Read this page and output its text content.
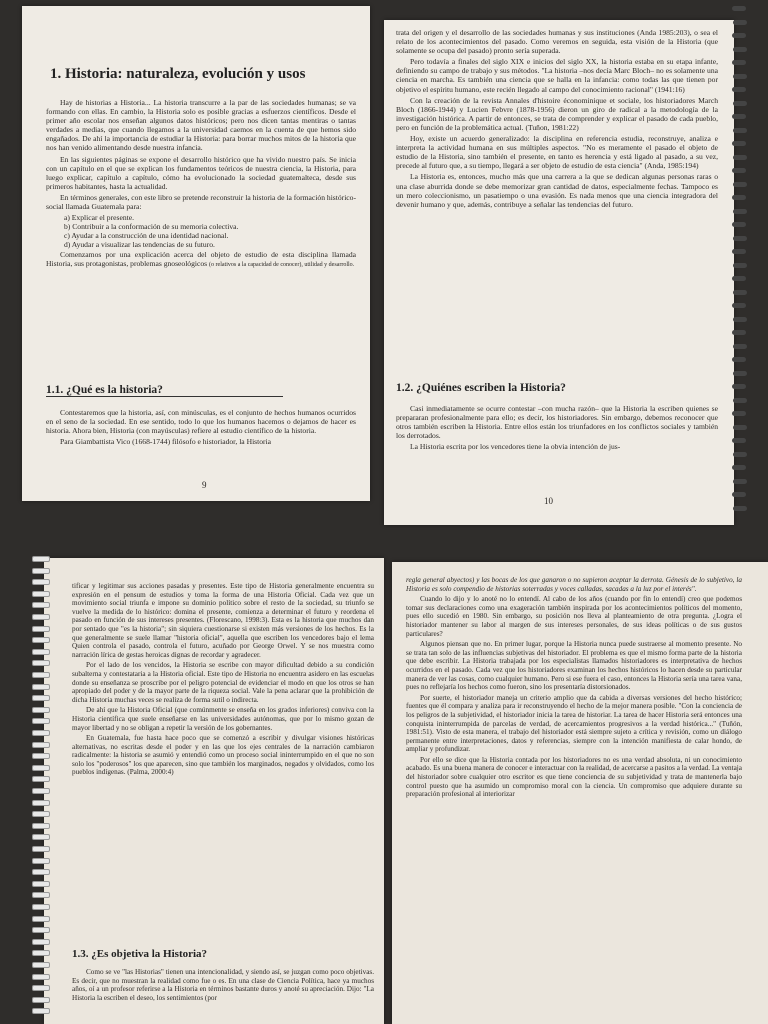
1. Historia: naturaleza, evolución y usos

Hay de historias a Historia... La historia transcurre a la par de las sociedades humanas; se va formando con ellas. En cambio, la Historia solo es posible gracias a esfuerzos científicos. Desde el primer año escolar nos enseñan algunos datos históricos; pero nos dicen tantas mentiras o tantas verdades a medias, que cuando llegamos a la universidad caemos en la cuenta de que hemos sido engañados. De ahí la importancia de estudiar la Historia: para borrar muchos mitos de la historia que nos han venido alimentando desde nuestra infancia.

En las siguientes páginas se expone el desarrollo histórico que ha vivido nuestro país. Se inicia con un capítulo en el que se explican los fundamentos teóricos de nuestra ciencia, la Historia, para luego explicar, capítulo a capítulo, cómo ha evolucionado la sociedad guatemalteca, desde sus primeros habitantes, hasta la actualidad.

En términos generales, con este libro se pretende reconstruir la historia de la formación histórico-social llamada Guatemala para:

a) Explicar el presente.
b) Contribuir a la conformación de su memoria colectiva.
c) Ayudar a la construcción de una identidad nacional.
d) Ayudar a visualizar las tendencias de su futuro.

Comenzamos por una explicación acerca del objeto de estudio de esta disciplina llamada Historia, sus protagonistas, problemas gnoseológicos (o relativos a la capacidad de conocer), utilidad y desarrollo.

1.1. ¿Qué es la historia?

Contestaremos que la historia, así, con minúsculas, es el conjunto de hechos humanos ocurridos en el seno de la sociedad. En ese sentido, todo lo que los humanos hacemos o dejamos de hacer es historia. Ahora bien, Historia (con mayúsculas) refiere al estudio científico de la historia.

Para Giambattista Vico (1668-1744) filósofo e historiador, la Historia

9

trata del origen y el desarrollo de las sociedades humanas y sus instituciones (Anda 1985:203), o sea el relato de los acontecimientos del pasado. Como veremos en seguida, esta visión de la Historia (que solamente se ocupa del pasado) pronto sería superada.

Pero todavía a finales del siglo XIX e inicios del siglo XX, la historia estaba en su etapa infante, definiendo su campo de trabajo y sus métodos. "La historia –nos decía Marc Bloch– no es solamente una ciencia en marcha. Es también una ciencia que se halla en la infancia: como todas las que tienen por objetivo el espíritu humano, este recién llegado al campo del conocimiento racional" (1941:16)

Con la creación de la revista Annales d'histoire économinique et sociale, los historiadores March Bloch (1866-1944) y Lucien Febvre (1878-1956) dieron un giro de radical a la metodología de la investigación histórica. A partir de entonces, se trata de comprender y explicar el pasado de cada pueblo, pero en función de la problemática actual. (Tuñon, 1981:22)

Hoy, existe un acuerdo generalizado: la disciplina en referencia estudia, reconstruye, analiza e interpreta la actividad humana en sus múltiples aspectos. "No es meramente el pasado el objeto de estudio de la Historia, sino también el presente, en tanto es herencia y está ligado al pasado, a su vez, precede al futuro que, a su tiempo, llegará a ser objeto de estudio de esta ciencia" (Anda, 1985:194)

La Historia es, entonces, mucho más que una carrera a la que se dedican algunas personas raras o una clase aburrida donde se debe memorizar gran cantidad de datos, especialmente fechas. Tampoco es un mero coleccionismo, un pasatiempo o una evasión. Es nada menos que una ciencia integradora del devenir humano y que, además, contribuye a señalar las tendencias del futuro.

1.2. ¿Quiénes escriben la Historia?

Casi inmediatamente se ocurre contestar –con mucha razón– que la Historia la escriben quienes se prepararan profesionalmente para ello; es decir, los historiadores. Sin embargo, debemos reconocer que otros también escriben la Historia. Entre ellos están los triunfadores en los conflictos sociales y también los derrotados.

La Historia escrita por los vencedores tiene la obvia intención de jus-

10

tificar y legitimar sus acciones pasadas y presentes. Este tipo de Historia generalmente encuentra su expresión en el pensum de estudios y toma la forma de una Historia Oficial. Cada vez que un movimiento social triunfa e impone su dominio político sobre el resto de la sociedad, su triunfo se vuelve la medida de lo histórico: domina el presente, comienza a determinar el futuro y reordena el pasado en función de sus intereses presentes. (Florescano, 1998:3). Esta es la historia que muchos dan por sentado que "es la historia"; sin siquiera cuestionarse si existen más versiones de los hechos. Es la que generalmente se suele llamar "historia oficial", aquella que escriben los vencedores bajo el lema Quien controla el pasado, controla el futuro, acuñado por George Orwel. Y se nos muestra como narración lírica de gestas heroicas dignas de recordar y agradecer.

Por el lado de los vencidos, la Historia se escribe con mayor dificultad debido a su condición subalterna y contestataria a la Historia oficial. Este tipo de Historia no encuentra asidero en las escuelas donde su enseñanza se proscribe por el peligro potencial de evidenciar el modo en que los otros se han apropiado del poder y de la mayor parte de la riqueza social. Vale la pena aclarar que la prohibición de dicha Historia muchas veces se realiza de forma sutil o indirecta.

De ahí que la Historia Oficial (que comúnmente se enseña en los grados inferiores) conviva con la Historia científica que suele enseñarse en las universidades autónomas, que por lo mismo gozan de mayor libertad y no se obligan a repetir la versión de los gobernantes.

En Guatemala, fue hasta hace poco que se comenzó a escribir y divulgar visiones históricas alternativas, no escritas desde el poder y en las que los ejes centrales de la narración cambiaron radicalmente: la historia se asumió y entendió como un proceso social ininterrumpido en el que no son solo los "poderosos" los que aparecen, sino que también los marginados, negados y olvidados, como los pueblos indígenas. (Palma, 2000:4)

1.3. ¿Es objetiva la Historia?

Como se ve "las Historias" tienen una intencionalidad, y siendo así, se juzgan como poco objetivas. Es decir, que no muestran la realidad como fue o es. En una clase de Ciencia Política, hace ya muchos años, oí a un profesor referirse a la Historia en términos bastante duros y anoté su apreciación. Dijo: "La Historia la escriben el deseo, los sentimientos (por

regla general abyectos) y las bocas de los que ganaron o no supieron aceptar la derrota. Génesis de lo subjetivo, la Historia es solo compendio de historias soterradas y voces calladas, sacadas a la luz por el interés".

Cuando lo dijo y lo anoté no lo entendí. Al cabo de los años (cuando por fin lo entendí) creo que podemos tomar sus declaraciones como una exageración también inspirada por los acontecimientos políticos del momento, pues ello sucedió en 1980. Sin embargo, su posición nos lleva al planteamiento de otra pregunta. ¿Logra el historiador mantener su labor al margen de sus intereses personales, de sus ideas políticas o de sus gustos particulares?

Algunos piensan que no. En primer lugar, porque la Historia nunca puede sustraerse al momento presente. No se trata tan solo de las influencias subjetivas del historiador. El problema es que el mismo forma parte de la historia que debe escribir. La Historia trabajada por los especialistas llamados historiadores es interpretativa de hechos ocurridos en el pasado. Cada vez que los historiadores examinan los hechos históricos lo hacen desde su particular manera de ver las cosas, como cualquier humano. Pero si ese fuera el caso, entonces la Historia sería una tarea vana, pues no reflejaría los hechos como fueron, sino los presentaría distorsionados.

Por suerte, el historiador maneja un criterio amplio que da cabida a diversas versiones del hecho histórico; fuentes que él compara y analiza para ir reconstruyendo el hecho de la mejor manera posible. "Con la conciencia de los peligros de la subjetividad, el historiador inicia la tarea de historiar. La tarea de hacer Historia será entonces una conquista ininterrumpida de parcelas de verdad, de acercamientos progresivos a la verdad histórica..." (Tuñón, 1981:51). Visto de esta manera, el trabajo del historiador está siempre sujeto a crítica y revisión, como un diálogo permanente entre interpretaciones, datos y referencias, siempre con la intención manifiesta de calar hondo, de ampliar y profundizar.

Por ello se dice que la Historia contada por los historiadores no es una verdad absoluta, ni un conocimiento acabado. Es una buena manera de conocer e interactuar con la realidad, de acercarse a pasitos a la verdad. La ventaja del historiador sobre cualquier otro escritor es que tiene conciencia de su subjetividad y trata de mantenerla bajo control puesto que ha asumido un compromiso moral con la ciencia. Un compromiso que adquiere durante su preparación profesional al interiorizar
